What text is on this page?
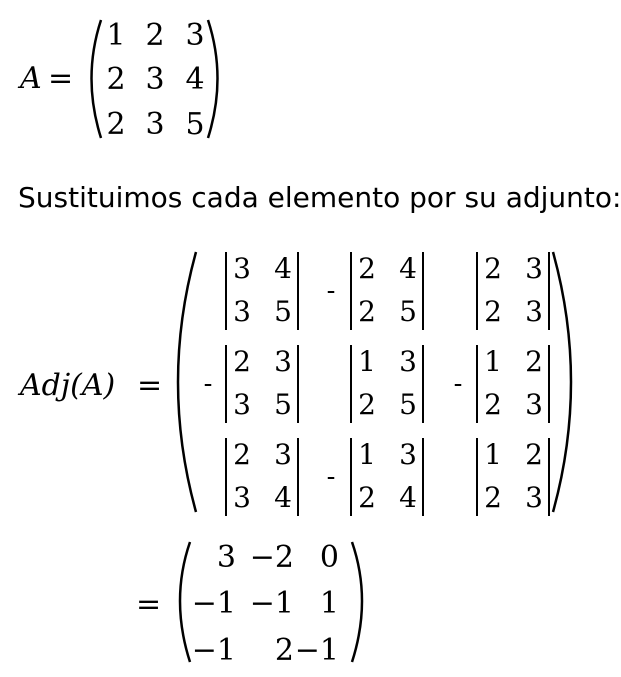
A =
1 2 3
2 3 4
2 3 5
Sustituimos cada elemento por su adjunto:
Adj(A) =
3 4
3 5
2 4
2 5
-
2 3
2 3
2 3
3 5
-
1 3
2 5
1 2
2 3
-
2 3
3 4
1 3
2 4
-
1 2
2 3
=
3 −2 0
−1 −1 1
−1 2 −1
